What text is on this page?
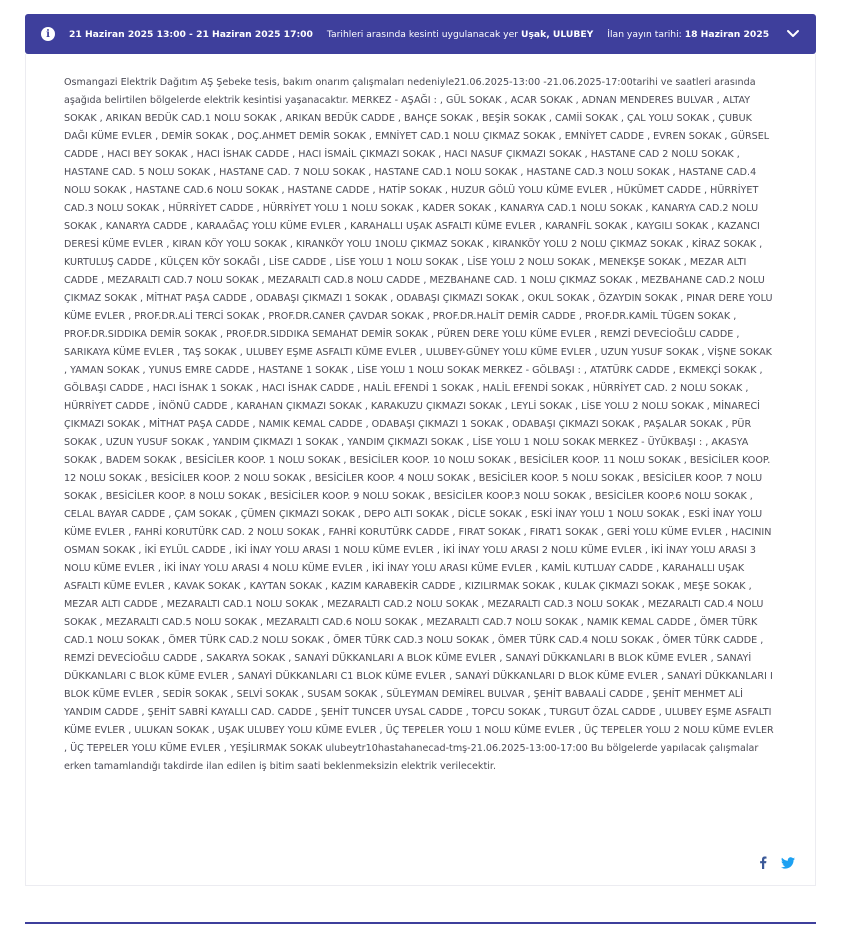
i	21 Haziran 2025 13:00 - 21 Haziran 2025 17:00 Tarihleri arasında kesinti uygulanacak yer
Uşak, ULUBEY İlan yayın tarihi:
18 Haziran 2025
Osmangazi Elektrik Dağıtım AŞ Şebeke tesis, bakım onarım çalışmaları nedeniyle21.06.2025-13:00 -21.06.2025-17:00tarihi ve saatleri arasında aşağıda belirtilen bölgelerde elektrik kesintisi yaşanacaktır. MERKEZ - AŞAĞI : , GÜL SOKAK , ACAR SOKAK , ADNAN MENDERES BULVAR , ALTAY SOKAK , ARIKAN BEDÜK CAD.1 NOLU SOKAK , ARIKAN BEDÜK CADDE , BAHÇE SOKAK , BEŞİR SOKAK , CAMİİ SOKAK , ÇAL YOLU SOKAK , ÇUBUK DAĞI KÜME EVLER , DEMİR SOKAK , DOÇ.AHMET DEMİR SOKAK , EMNİYET CAD.1 NOLU ÇIKMAZ SOKAK , EMNİYET CADDE , EVREN SOKAK , GÜRSEL CADDE , HACI BEY SOKAK , HACI İSHAK CADDE , HACI İSMAİL ÇIKMAZI SOKAK , HACI NASUF ÇIKMAZI SOKAK , HASTANE CAD 2 NOLU SOKAK , HASTANE CAD. 5 NOLU SOKAK , HASTANE CAD. 7 NOLU SOKAK , HASTANE CAD.1 NOLU SOKAK , HASTANE CAD.3 NOLU SOKAK , HASTANE CAD.4 NOLU SOKAK , HASTANE CAD.6 NOLU SOKAK , HASTANE CADDE , HATİP SOKAK , HUZUR GÖLÜ YOLU KÜME EVLER , HÜKÜMET CADDE , HÜRRİYET CAD.3 NOLU SOKAK , HÜRRİYET CADDE , HÜRRİYET YOLU 1 NOLU SOKAK , KADER SOKAK , KANARYA CAD.1 NOLU SOKAK , KANARYA CAD.2 NOLU SOKAK , KANARYA CADDE , KARAAĞAÇ YOLU KÜME EVLER , KARAHALLI UŞAK ASFALTI KÜME EVLER , KARANFİL SOKAK , KAYGILI SOKAK , KAZANCI DERESİ KÜME EVLER , KIRAN KÖY YOLU SOKAK , KIRANKÖY YOLU 1NOLU ÇIKMAZ SOKAK , KIRANKÖY YOLU 2 NOLU ÇIKMAZ SOKAK , KİRAZ SOKAK , KURTULUŞ CADDE , KÜLÇEN KÖY SOKAĞI , LİSE CADDE , LİSE YOLU 1 NOLU SOKAK , LİSE YOLU 2 NOLU SOKAK , MENEKŞE SOKAK , MEZAR ALTI CADDE , MEZARALTI CAD.7 NOLU SOKAK , MEZARALTI CAD.8 NOLU CADDE , MEZBAHANE CAD. 1 NOLU ÇIKMAZ SOKAK , MEZBAHANE CAD.2 NOLU ÇIKMAZ SOKAK , MİTHAT PAŞA CADDE , ODABAŞI ÇIKMAZI 1 SOKAK , ODABAŞI ÇIKMAZI SOKAK , OKUL SOKAK , ÖZAYDIN SOKAK , PINAR DERE YOLU KÜME EVLER , PROF.DR.ALİ TERCİ SOKAK , PROF.DR.CANER ÇAVDAR SOKAK , PROF.DR.HALİT DEMİR CADDE , PROF.DR.KAMİL TÜGEN SOKAK , PROF.DR.SIDDIKA DEMİR SOKAK , PROF.DR.SIDDIKA SEMAHAT DEMİR SOKAK , PÜREN DERE YOLU KÜME EVLER , REMZİ DEVECİOĞLU CADDE , SARIKAYA KÜME EVLER , TAŞ SOKAK , ULUBEY EŞME ASFALTI KÜME EVLER , ULUBEY-GÜNEY YOLU KÜME EVLER , UZUN YUSUF SOKAK , VİŞNE SOKAK , YAMAN SOKAK , YUNUS EMRE CADDE , HASTANE 1 SOKAK , LİSE YOLU 1 NOLU SOKAK MERKEZ - GÖLBAŞI : , ATATÜRK CADDE , EKMEKÇİ SOKAK , GÖLBAŞI CADDE , HACI İSHAK 1 SOKAK , HACI İSHAK CADDE , HALİL EFENDİ 1 SOKAK , HALİL EFENDİ SOKAK , HÜRRİYET CAD. 2 NOLU SOKAK , HÜRRİYET CADDE , İNÖNÜ CADDE , KARAHAN ÇIKMAZI SOKAK , KARAKUZU ÇIKMAZI SOKAK , LEYLİ SOKAK , LİSE YOLU 2 NOLU SOKAK , MİNARECİ ÇIKMAZI SOKAK , MİTHAT PAŞA CADDE , NAMIK KEMAL CADDE , ODABAŞI ÇIKMAZI 1 SOKAK , ODABAŞI ÇIKMAZI SOKAK , PAŞALAR SOKAK , PÜR SOKAK , UZUN YUSUF SOKAK , YANDIM ÇIKMAZI 1 SOKAK , YANDIM ÇIKMAZI SOKAK , LİSE YOLU 1 NOLU SOKAK MERKEZ - ÜYÜKBAŞI : , AKASYA SOKAK , BADEM SOKAK , BESİCİLER KOOP. 1 NOLU SOKAK , BESİCİLER KOOP. 10 NOLU SOKAK , BESİCİLER KOOP. 11 NOLU SOKAK , BESİCİLER KOOP. 12 NOLU SOKAK , BESİCİLER KOOP. 2 NOLU SOKAK , BESİCİLER KOOP. 4 NOLU SOKAK , BESİCİLER KOOP. 5 NOLU SOKAK , BESİCİLER KOOP. 7 NOLU SOKAK , BESİCİLER KOOP. 8 NOLU SOKAK , BESİCİLER KOOP. 9 NOLU SOKAK , BESİCİLER KOOP.3 NOLU SOKAK , BESİCİLER KOOP.6 NOLU SOKAK , CELAL BAYAR CADDE , ÇAM SOKAK , ÇÜMEN ÇIKMAZI SOKAK , DEPO ALTI SOKAK , DİCLE SOKAK , ESKİ İNAY YOLU 1 NOLU SOKAK , ESKİ İNAY YOLU KÜME EVLER , FAHRİ KORUTÜRK CAD. 2 NOLU SOKAK , FAHRİ KORUTÜRK CADDE , FIRAT SOKAK , FIRAT1 SOKAK , GERİ YOLU KÜME EVLER , HACININ OSMAN SOKAK , İKİ EYLÜL CADDE , İKİ İNAY YOLU ARASI 1 NOLU KÜME EVLER , İKİ İNAY YOLU ARASI 2 NOLU KÜME EVLER , İKİ İNAY YOLU ARASI 3 NOLU KÜME EVLER , İKİ İNAY YOLU ARASI 4 NOLU KÜME EVLER , İKİ İNAY YOLU ARASI KÜME EVLER , KAMİL KUTLUAY CADDE , KARAHALLI UŞAK ASFALTI KÜME EVLER , KAVAK SOKAK , KAYTAN SOKAK , KAZIM KARABEKİR CADDE , KIZILIRMAK SOKAK , KULAK ÇIKMAZI SOKAK , MEŞE SOKAK , MEZAR ALTI CADDE , MEZARALTI CAD.1 NOLU SOKAK , MEZARALTI CAD.2 NOLU SOKAK , MEZARALTI CAD.3 NOLU SOKAK , MEZARALTI CAD.4 NOLU SOKAK , MEZARALTI CAD.5 NOLU SOKAK , MEZARALTI CAD.6 NOLU SOKAK , MEZARALTI CAD.7 NOLU SOKAK , NAMIK KEMAL CADDE , ÖMER TÜRK CAD.1 NOLU SOKAK , ÖMER TÜRK CAD.2 NOLU SOKAK , ÖMER TÜRK CAD.3 NOLU SOKAK , ÖMER TÜRK CAD.4 NOLU SOKAK , ÖMER TÜRK CADDE , REMZİ DEVECİOĞLU CADDE , SAKARYA SOKAK , SANAYİ DÜKKANLARI A BLOK KÜME EVLER , SANAYİ DÜKKANLARI B BLOK KÜME EVLER , SANAYİ DÜKKANLARI C BLOK KÜME EVLER , SANAYİ DÜKKANLARI C1 BLOK KÜME EVLER , SANAYİ DÜKKANLARI D BLOK KÜME EVLER , SANAYİ DÜKKANLARI I BLOK KÜME EVLER , SEDİR SOKAK , SELVİ SOKAK , SUSAM SOKAK , SÜLEYMAN DEMİREL BULVAR , ŞEHİT BABAALİ CADDE , ŞEHİT MEHMET ALİ YANDIM CADDE , ŞEHİT SABRİ KAYALLI CAD. CADDE , ŞEHİT TUNCER UYSAL CADDE , TOPCU SOKAK , TURGUT ÖZAL CADDE , ULUBEY EŞME ASFALTI KÜME EVLER , ULUKAN SOKAK , UŞAK ULUBEY YOLU KÜME EVLER , ÜÇ TEPELER YOLU 1 NOLU KÜME EVLER , ÜÇ TEPELER YOLU 2 NOLU KÜME EVLER , ÜÇ TEPELER YOLU KÜME EVLER , YEŞİLIRMAK SOKAK ulubeytr10hastahanecad-tmş-21.06.2025-13:00-17:00 Bu bölgelerde yapılacak çalışmalar erken tamamlandığı takdirde ilan edilen iş bitim saati beklenmeksizin elektrik verilecektir.
